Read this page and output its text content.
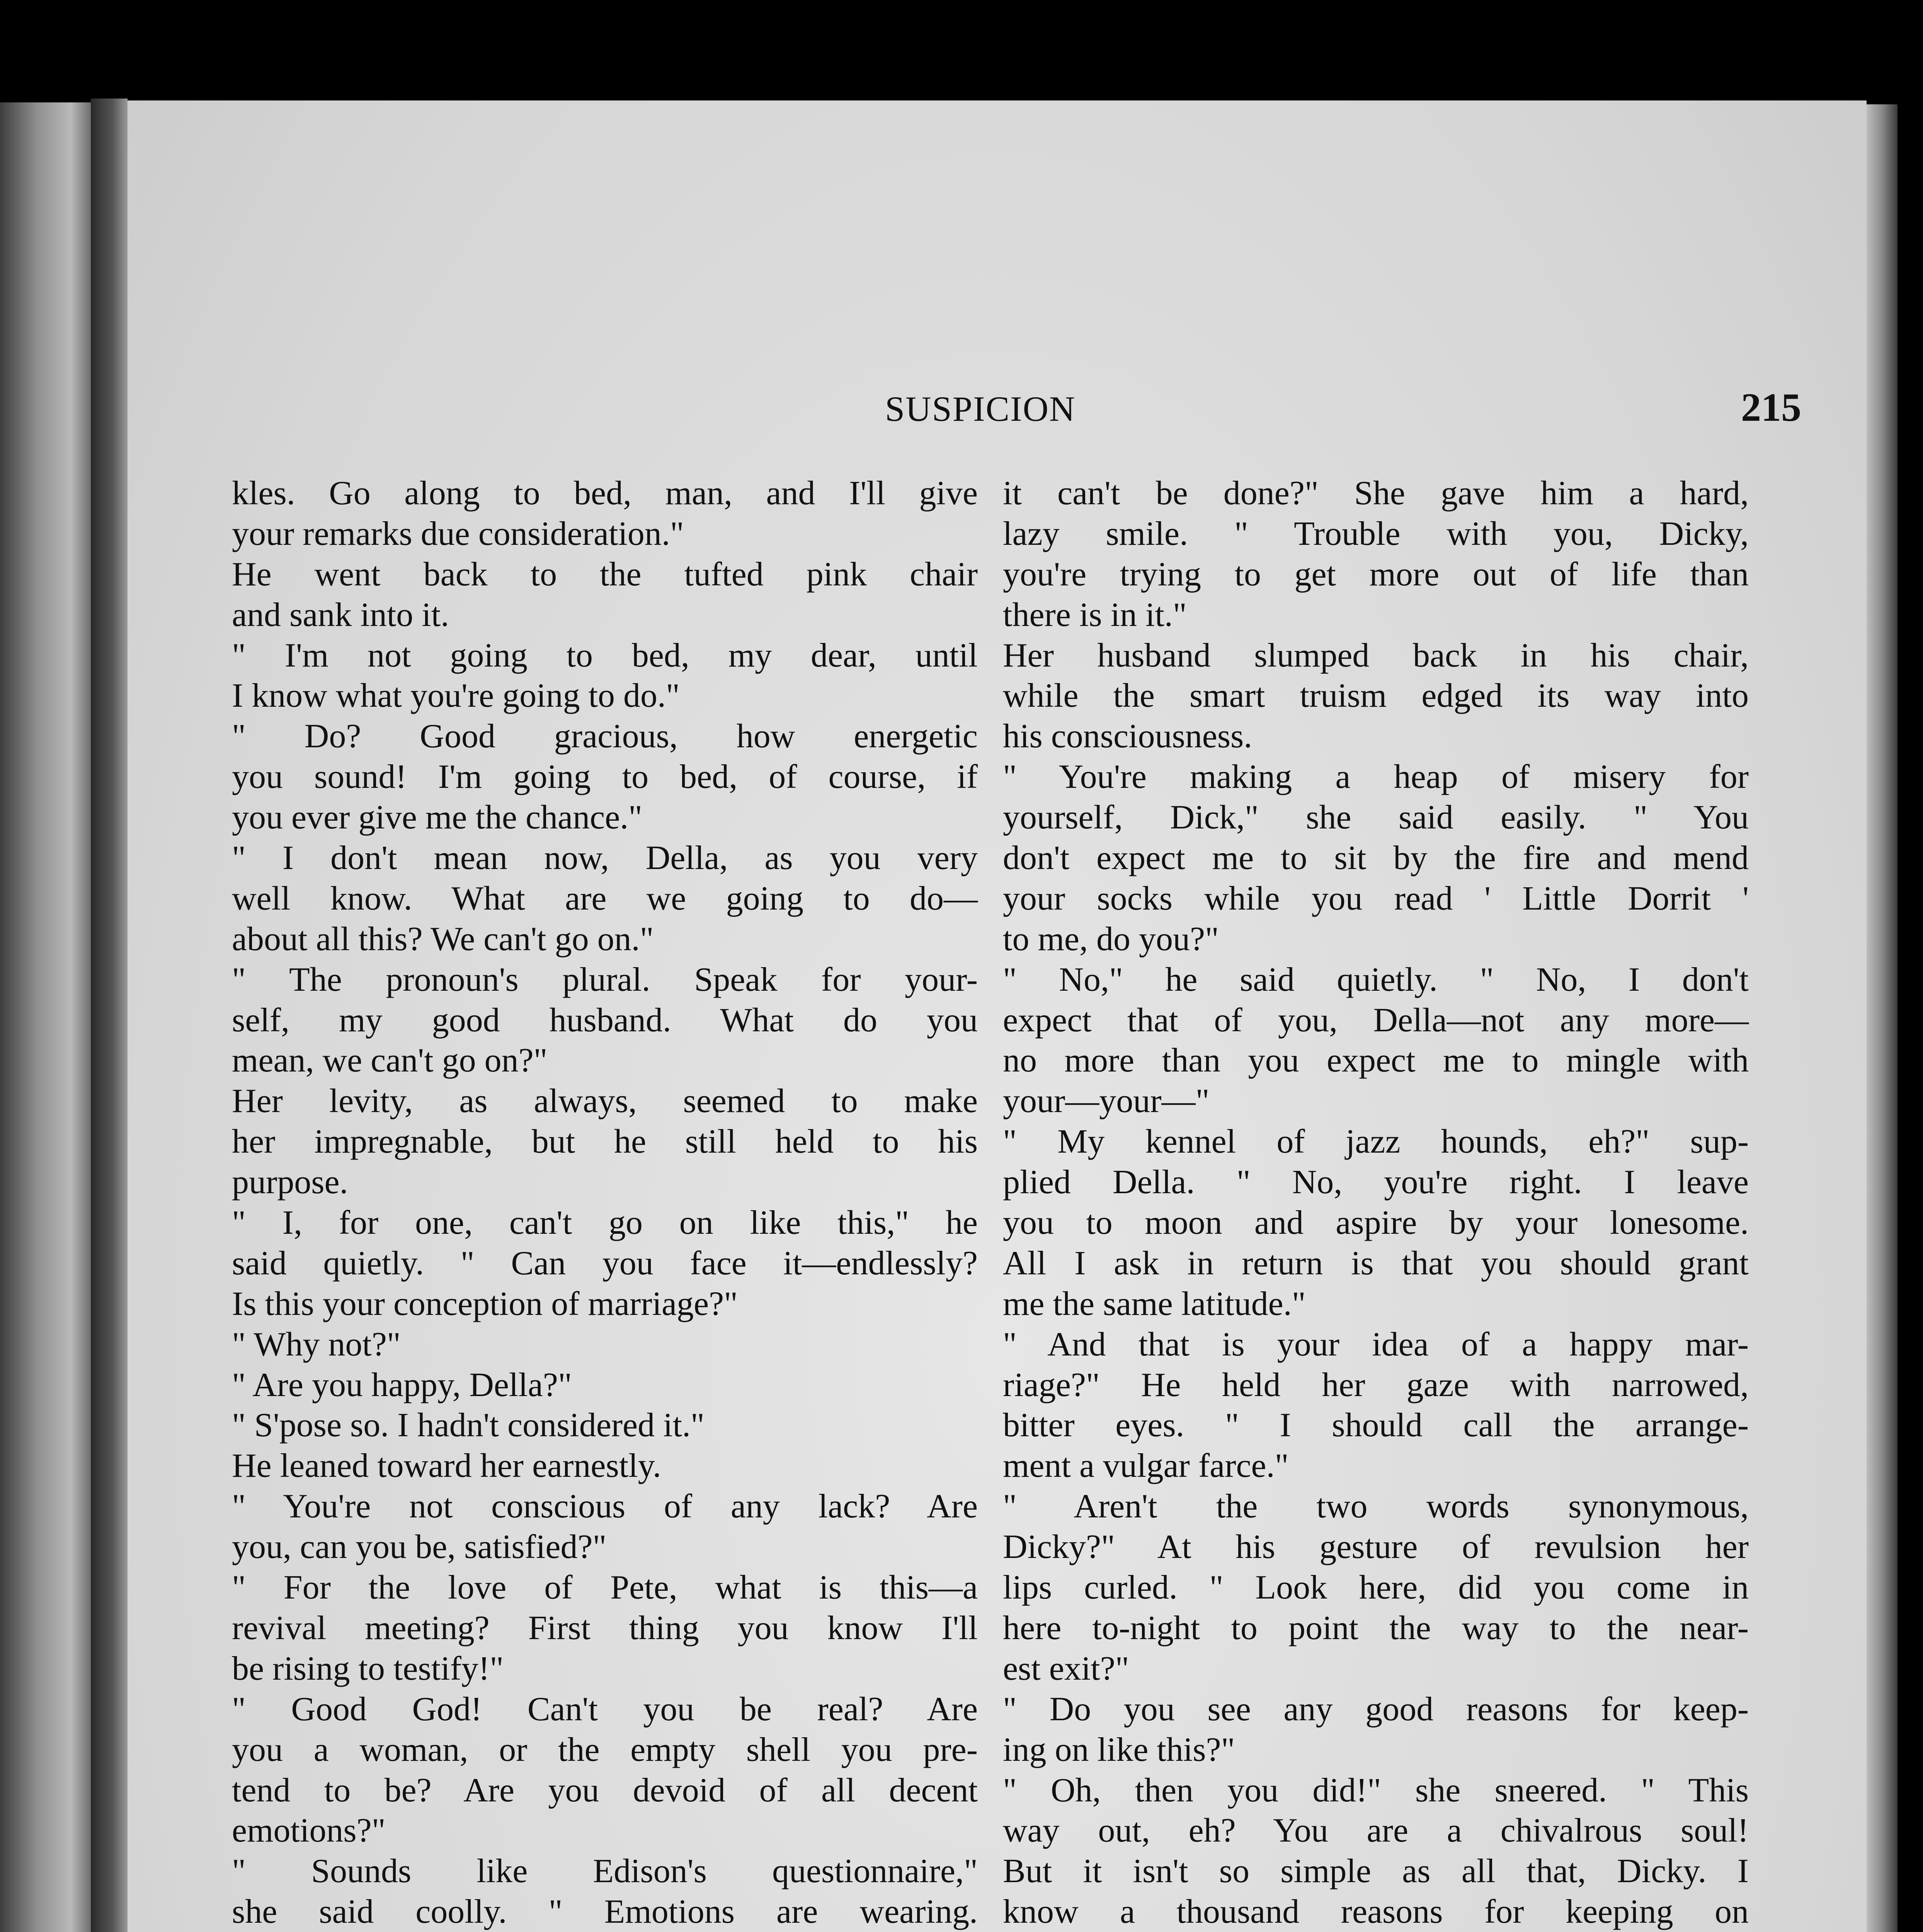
SUSPICION	215
kles. Go along to bed, man, and I'll give
your remarks due consideration."
He went back to the tufted pink chair
and sank into it.
" I'm not going to bed, my dear, until
I know what you're going to do."
" Do? Good gracious, how energetic
you sound! I'm going to bed, of course, if
you ever give me the chance."
" I don't mean now, Della, as you very
well know. What are we going to do—
about all this? We can't go on."
" The pronoun's plural. Speak for your-
self, my good husband. What do you
mean, we can't go on?"
Her levity, as always, seemed to make
her impregnable, but he still held to his
purpose.
" I, for one, can't go on like this," he
said quietly. " Can you face it—endlessly?
Is this your conception of marriage?"
" Why not?"
" Are you happy, Della?"
" S'pose so. I hadn't considered it."
He leaned toward her earnestly.
" You're not conscious of any lack? Are
you, can you be, satisfied?"
" For the love of Pete, what is this—a
revival meeting? First thing you know I'll
be rising to testify!"
" Good God! Can't you be real? Are
you a woman, or the empty shell you pre-
tend to be? Are you devoid of all decent
emotions?"
" Sounds like Edison's questionnaire,"
she said coolly. " Emotions are wearing.
it can't be done?" She gave him a hard,
lazy smile. " Trouble with you, Dicky,
you're trying to get more out of life than
there is in it."
Her husband slumped back in his chair,
while the smart truism edged its way into
his consciousness.
" You're making a heap of misery for
yourself, Dick," she said easily. " You
don't expect me to sit by the fire and mend
your socks while you read ' Little Dorrit '
to me, do you?"
" No," he said quietly. " No, I don't
expect that of you, Della—not any more—
no more than you expect me to mingle with
your—your—"
" My kennel of jazz hounds, eh?" sup-
plied Della. " No, you're right. I leave
you to moon and aspire by your lonesome.
All I ask in return is that you should grant
me the same latitude."
" And that is your idea of a happy mar-
riage?" He held her gaze with narrowed,
bitter eyes. " I should call the arrange-
ment a vulgar farce."
" Aren't the two words synonymous,
Dicky?" At his gesture of revulsion her
lips curled. " Look here, did you come in
here to-night to point the way to the near-
est exit?"
" Do you see any good reasons for keep-
ing on like this?"
" Oh, then you did!" she sneered. " This
way out, eh? You are a chivalrous soul!
But it isn't so simple as all that, Dicky. I
know a thousand reasons for keeping on
